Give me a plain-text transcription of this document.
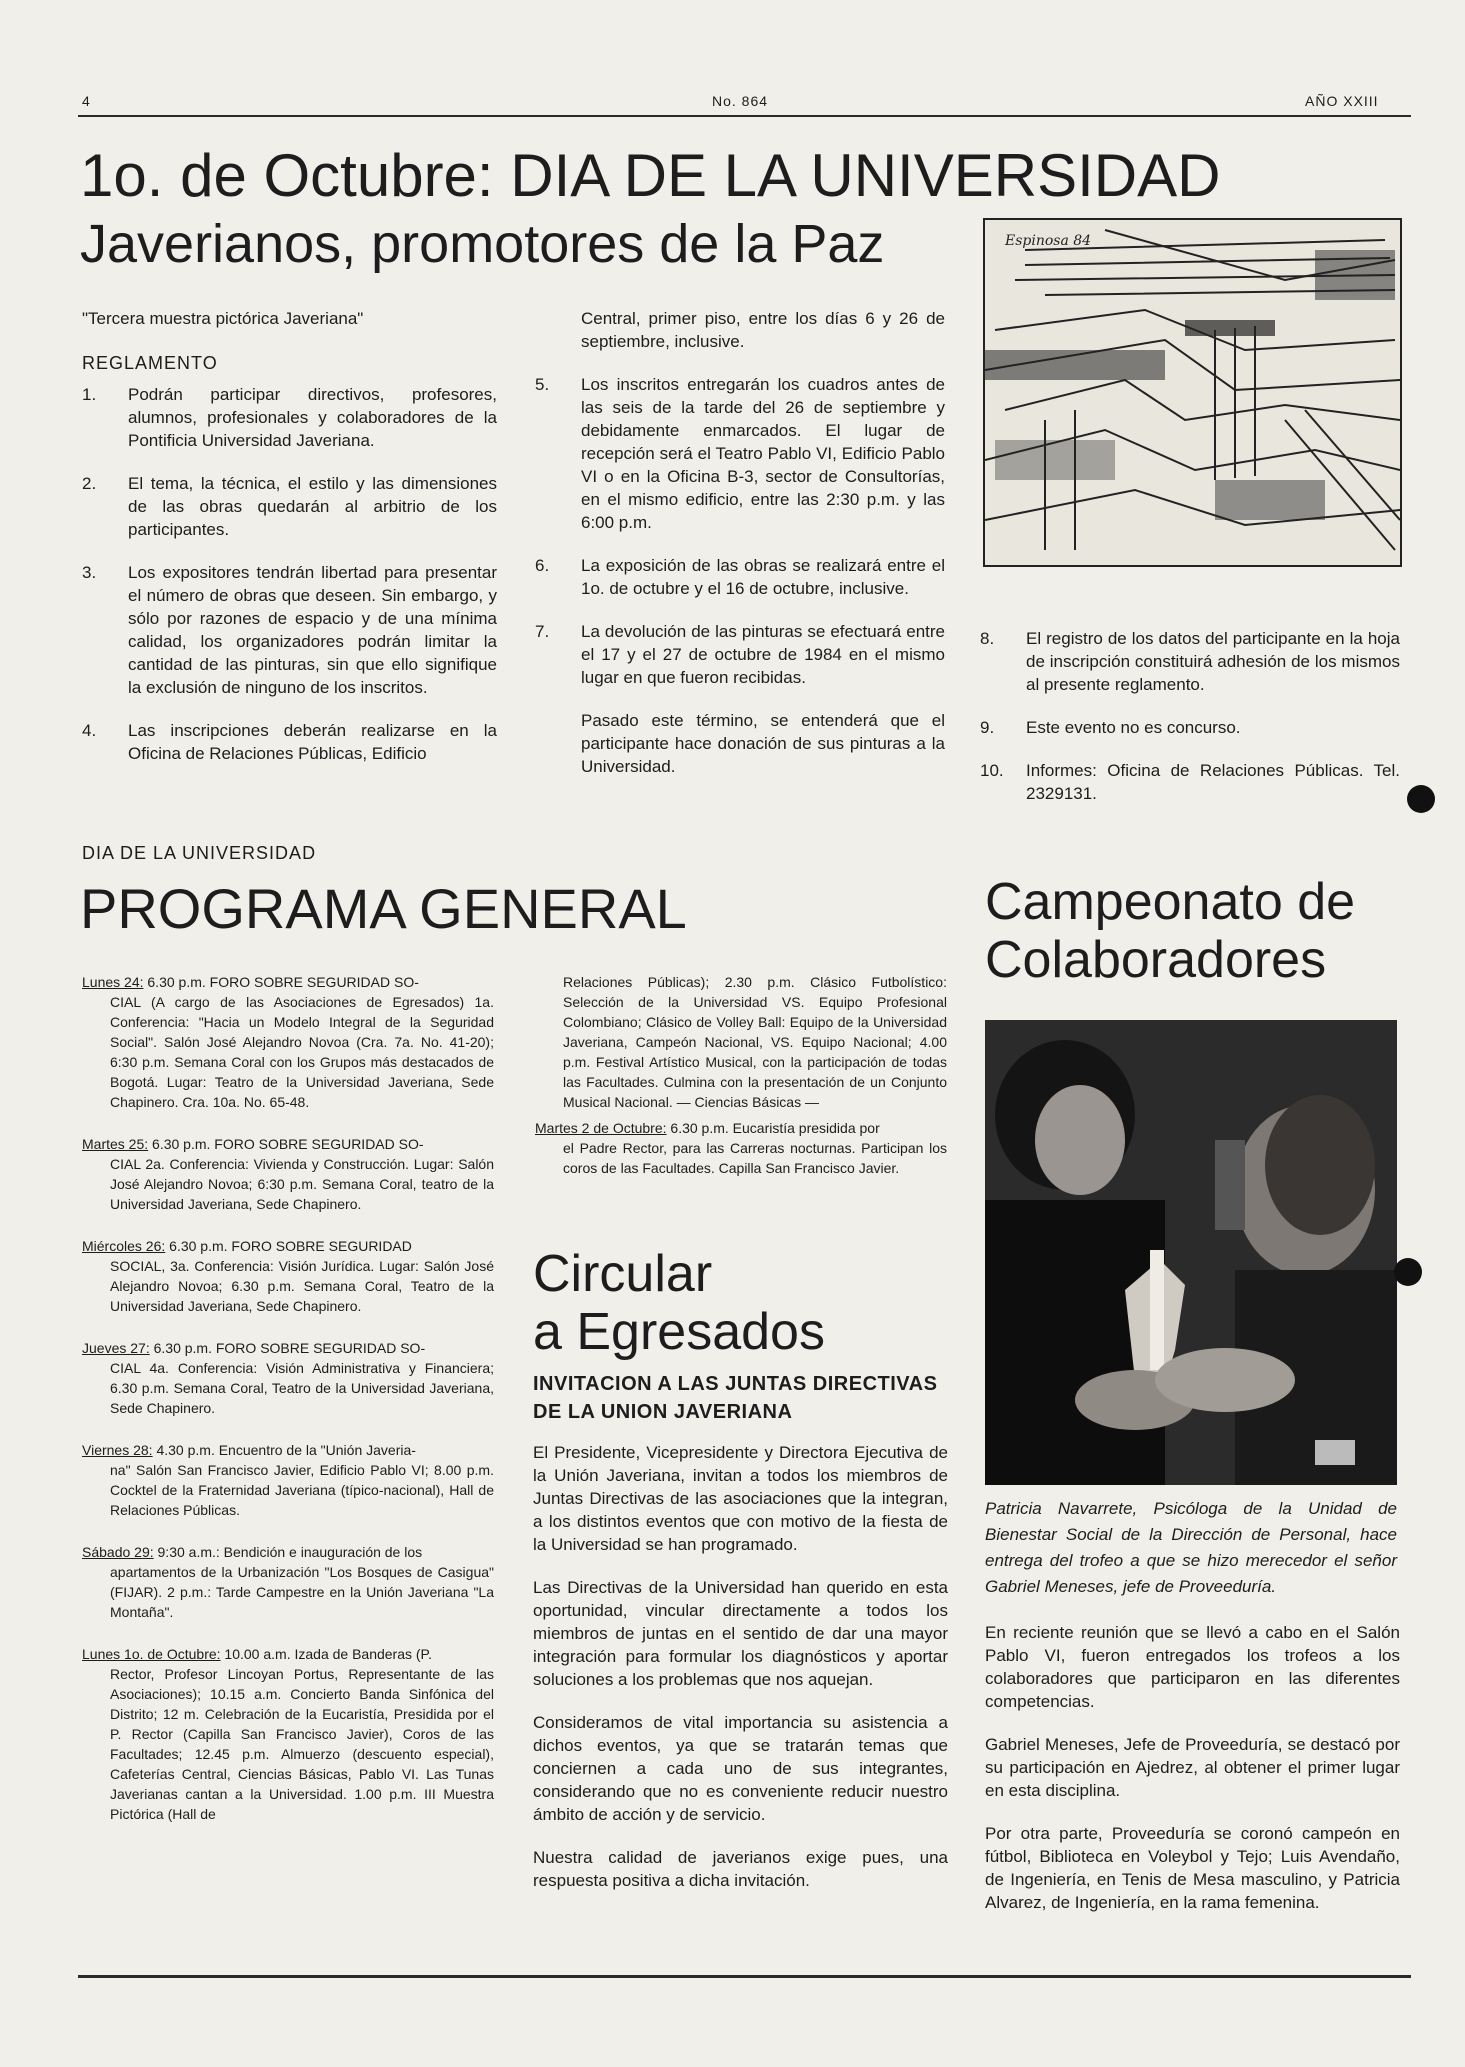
4	No. 864	AÑO XXIII
1o. de Octubre: DIA DE LA UNIVERSIDAD
Javerianos, promotores de la Paz
"Tercera muestra pictórica Javeriana"
REGLAMENTO
1.	Podrán participar directivos, profesores, alumnos, profesionales y colaboradores de la Pontificia Universidad Javeriana.
2.	El tema, la técnica, el estilo y las dimensiones de las obras quedarán al arbitrio de los participantes.
3.	Los expositores tendrán libertad para presentar el número de obras que deseen. Sin embargo, y sólo por razones de espacio y de una mínima calidad, los organizadores podrán limitar la cantidad de las pinturas, sin que ello signifique la exclusión de ninguno de los inscritos.
4.	Las inscripciones deberán realizarse en la Oficina de Relaciones Públicas, Edificio
Central, primer piso, entre los días 6 y 26 de septiembre, inclusive.
5.	Los inscritos entregarán los cuadros antes de las seis de la tarde del 26 de septiembre y debidamente enmarcados. El lugar de recepción será el Teatro Pablo VI, Edificio Pablo VI o en la Oficina B-3, sector de Consultorías, en el mismo edificio, entre las 2:30 p.m. y las 6:00 p.m.
6.	La exposición de las obras se realizará entre el 1o. de octubre y el 16 de octubre, inclusive.
7.	La devolución de las pinturas se efectuará entre el 17 y el 27 de octubre de 1984 en el mismo lugar en que fueron recibidas.
Pasado este término, se entenderá que el participante hace donación de sus pinturas a la Universidad.
Espinosa 84
8.	El registro de los datos del participante en la hoja de inscripción constituirá adhesión de los mismos al presente reglamento.
9.	Este evento no es concurso.
10.	Informes: Oficina de Relaciones Públicas. Tel. 2329131.
DIA DE LA UNIVERSIDAD
PROGRAMA GENERAL
Lunes 24: 6.30 p.m. FORO SOBRE SEGURIDAD SO-
CIAL (A cargo de las Asociaciones de Egresados) 1a. Conferencia: "Hacia un Modelo Integral de la Seguridad Social". Salón José Alejandro Novoa (Cra. 7a. No. 41-20); 6:30 p.m. Semana Coral con los Grupos más destacados de Bogotá. Lugar: Teatro de la Universidad Javeriana, Sede Chapinero. Cra. 10a. No. 65-48.
Martes 25: 6.30 p.m. FORO SOBRE SEGURIDAD SO-
CIAL 2a. Conferencia: Vivienda y Construcción. Lugar: Salón José Alejandro Novoa; 6:30 p.m. Semana Coral, teatro de la Universidad Javeriana, Sede Chapinero.
Miércoles 26: 6.30 p.m. FORO SOBRE SEGURIDAD
SOCIAL, 3a. Conferencia: Visión Jurídica. Lugar: Salón José Alejandro Novoa; 6.30 p.m. Semana Coral, Teatro de la Universidad Javeriana, Sede Chapinero.
Jueves 27: 6.30 p.m. FORO SOBRE SEGURIDAD SO-
CIAL 4a. Conferencia: Visión Administrativa y Financiera; 6.30 p.m. Semana Coral, Teatro de la Universidad Javeriana, Sede Chapinero.
Viernes 28: 4.30 p.m. Encuentro de la "Unión Javeria-
na" Salón San Francisco Javier, Edificio Pablo VI; 8.00 p.m. Cocktel de la Fraternidad Javeriana (típico-nacional), Hall de Relaciones Públicas.
Sábado 29: 9:30 a.m.: Bendición e inauguración de los
apartamentos de la Urbanización "Los Bosques de Casigua" (FIJAR). 2 p.m.: Tarde Campestre en la Unión Javeriana "La Montaña".
Lunes 1o. de Octubre: 10.00 a.m. Izada de Banderas (P.
Rector, Profesor Lincoyan Portus, Representante de las Asociaciones); 10.15 a.m. Concierto Banda Sinfónica del Distrito; 12 m. Celebración de la Eucaristía, Presidida por el P. Rector (Capilla San Francisco Javier), Coros de las Facultades; 12.45 p.m. Almuerzo (descuento especial), Cafeterías Central, Ciencias Básicas, Pablo VI. Las Tunas Javerianas cantan a la Universidad. 1.00 p.m. III Muestra Pictórica (Hall de
Relaciones Públicas); 2.30 p.m. Clásico Futbolístico: Selección de la Universidad VS. Equipo Profesional Colombiano; Clásico de Volley Ball: Equipo de la Universidad Javeriana, Campeón Nacional, VS. Equipo Nacional; 4.00 p.m. Festival Artístico Musical, con la participación de todas las Facultades. Culmina con la presentación de un Conjunto Musical Nacional. — Ciencias Básicas —
Martes 2 de Octubre: 6.30 p.m. Eucaristía presidida por
el Padre Rector, para las Carreras nocturnas. Participan los coros de las Facultades. Capilla San Francisco Javier.
Circular
a Egresados
INVITACION A LAS JUNTAS DIRECTIVAS DE LA UNION JAVERIANA

El Presidente, Vicepresidente y Directora Ejecutiva de la Unión Javeriana, invitan a todos los miembros de Juntas Directivas de las asociaciones que la integran, a los distintos eventos que con motivo de la fiesta de la Universidad se han programado.

Las Directivas de la Universidad han querido en esta oportunidad, vincular directamente a todos los miembros de juntas en el sentido de dar una mayor integración para formular los diagnósticos y aportar soluciones a los problemas que nos aquejan.

Consideramos de vital importancia su asistencia a dichos eventos, ya que se tratarán temas que conciernen a cada uno de sus integrantes, considerando que no es conveniente reducir nuestro ámbito de acción y de servicio.

Nuestra calidad de javerianos exige pues, una respuesta positiva a dicha invitación.

Campeonato de
Colaboradores
Patricia Navarrete, Psicóloga de la Unidad de Bienestar Social de la Dirección de Personal, hace entrega del trofeo a que se hizo merecedor el señor Gabriel Meneses, jefe de Proveeduría.

En reciente reunión que se llevó a cabo en el Salón Pablo VI, fueron entregados los trofeos a los colaboradores que participaron en las diferentes competencias.

Gabriel Meneses, Jefe de Proveeduría, se destacó por su participación en Ajedrez, al obtener el primer lugar en esta disciplina.

Por otra parte, Proveeduría se coronó campeón en fútbol, Biblioteca en Voleybol y Tejo; Luis Avendaño, de Ingeniería, en Tenis de Mesa masculino, y Patricia Alvarez, de Ingeniería, en la rama femenina.
